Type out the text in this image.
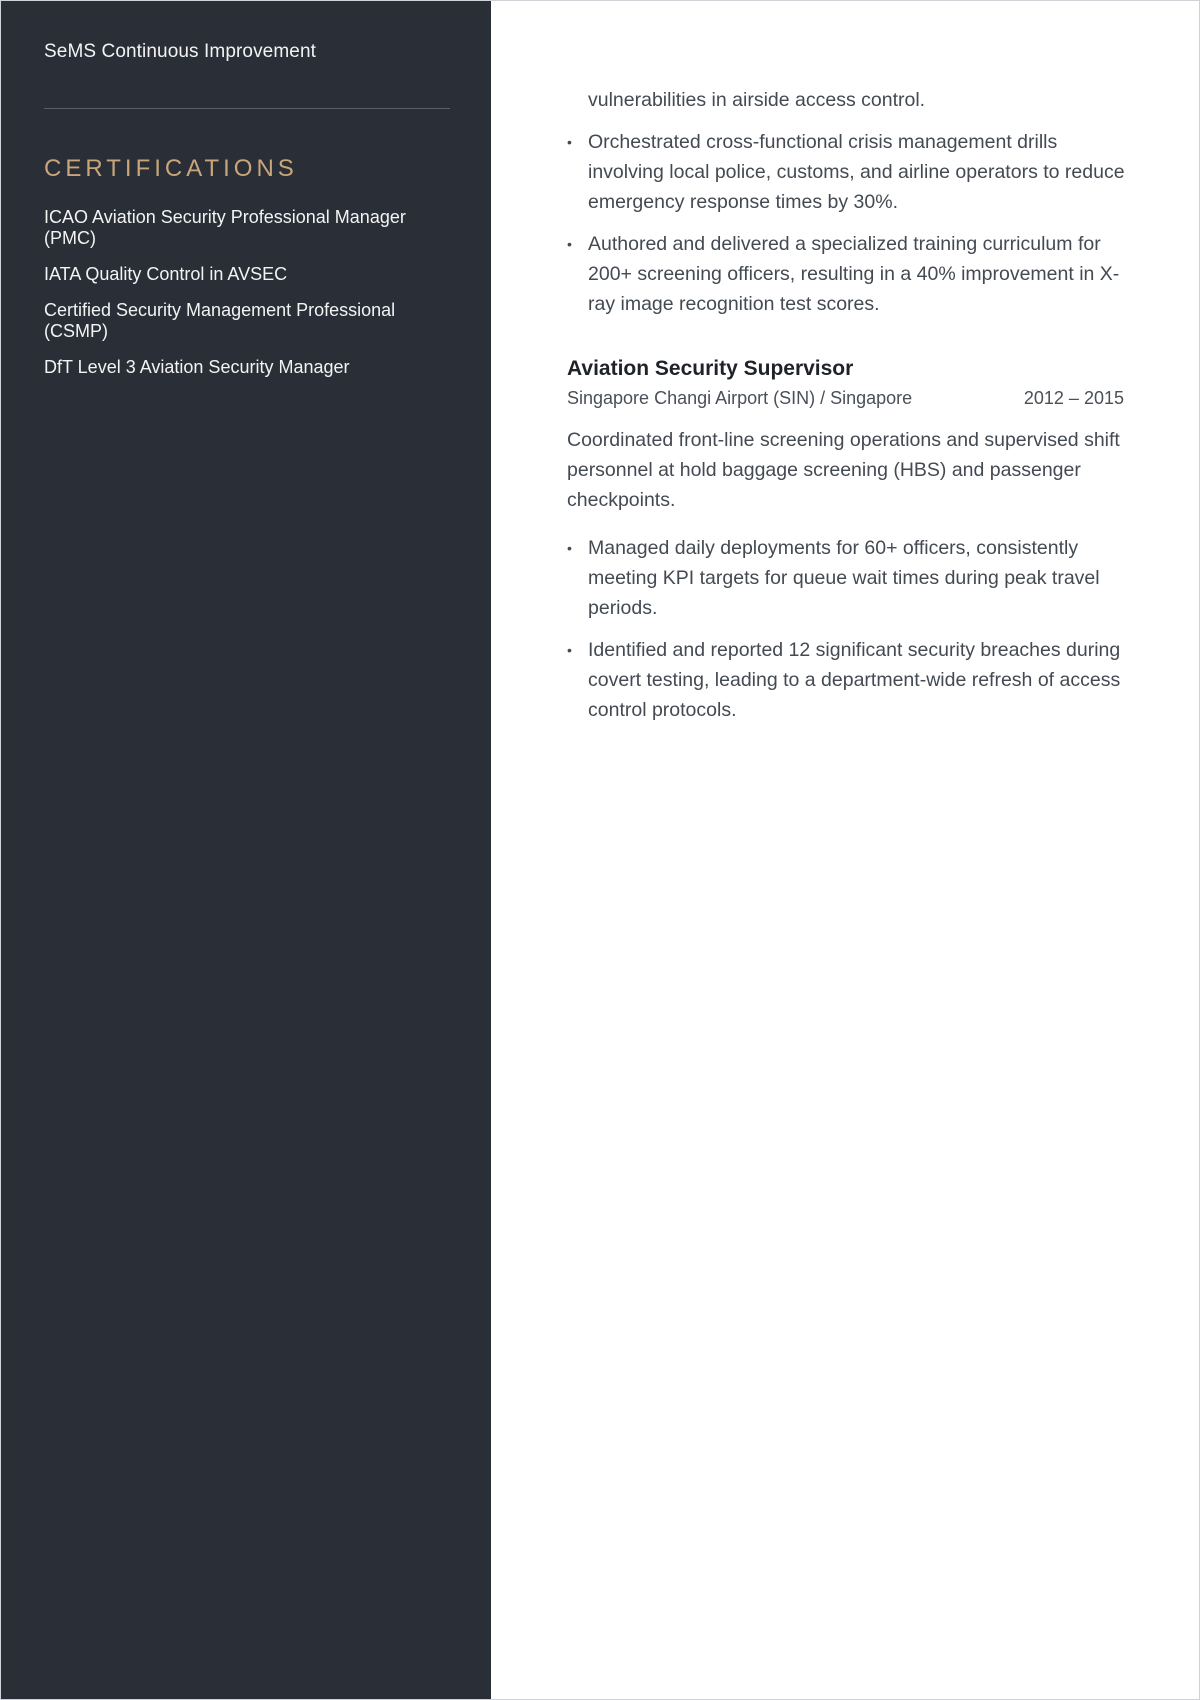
SeMS Continuous Improvement
CERTIFICATIONS
ICAO Aviation Security Professional Manager (PMC)
IATA Quality Control in AVSEC
Certified Security Management Professional (CSMP)
DfT Level 3 Aviation Security Manager
vulnerabilities in airside access control.
• Orchestrated cross-functional crisis management drills involving local police, customs, and airline operators to reduce emergency response times by 30%.
• Authored and delivered a specialized training curriculum for 200+ screening officers, resulting in a 40% improvement in X-ray image recognition test scores.
Aviation Security Supervisor
Singapore Changi Airport (SIN) / Singapore	2012 – 2015
Coordinated front-line screening operations and supervised shift personnel at hold baggage screening (HBS) and passenger checkpoints.
• Managed daily deployments for 60+ officers, consistently meeting KPI targets for queue wait times during peak travel periods.
• Identified and reported 12 significant security breaches during covert testing, leading to a department-wide refresh of access control protocols.
